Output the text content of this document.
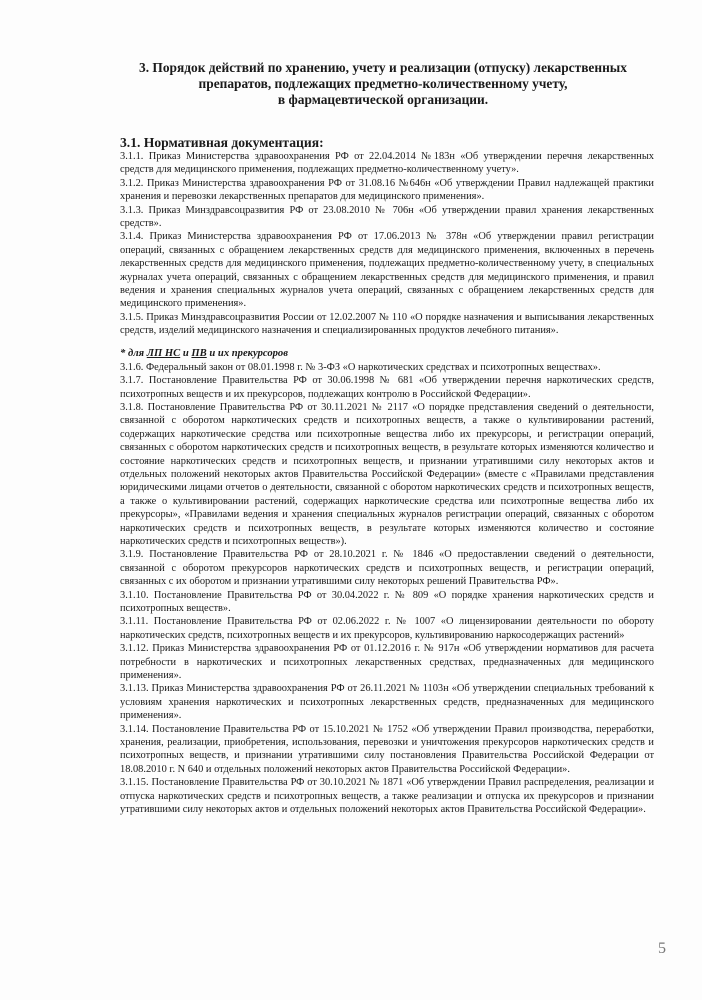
3. Порядок действий по хранению, учету и реализации (отпуску) лекарственных
препаратов, подлежащих предметно-количественному учету,
в фармацевтической организации.

3.1. Нормативная документация:

3.1.1. Приказ Министерства здравоохранения РФ от 22.04.2014 №183н «Об утверждении перечня лекарственных средств для медицинского применения, подлежащих предметно-количественному учету».

3.1.2. Приказ Министерства здравоохранения РФ от 31.08.16 №646н «Об утверждении Правил надлежащей практики хранения и перевозки лекарственных препаратов для медицинского применения».

3.1.3. Приказ Минздравсоцразвития РФ от 23.08.2010 № 706н «Об утверждении правил хранения лекарственных средств».

3.1.4. Приказ Министерства здравоохранения РФ от 17.06.2013 № 378н «Об утверждении правил регистрации операций, связанных с обращением лекарственных средств для медицинского применения, включенных в перечень лекарственных средств для медицинского применения, подлежащих предметно-количественному учету, в специальных журналах учета операций, связанных с обращением лекарственных средств для медицинского применения, и правил ведения и хранения специальных журналов учета операций, связанных с обращением лекарственных средств для медицинского применения».

3.1.5. Приказ Минздравсоцразвития России от 12.02.2007 № 110 «О порядке назначения и выписывания лекарственных средств, изделий медицинского назначения и специализированных продуктов лечебного питания».

* для ЛП НС и ПВ и их прекурсоров

3.1.6. Федеральный закон от 08.01.1998 г. № 3-ФЗ «О наркотических средствах и психотропных веществах».

3.1.7. Постановление Правительства РФ от 30.06.1998 № 681 «Об утверждении перечня наркотических средств, психотропных веществ и их прекурсоров, подлежащих контролю в Российской Федерации».

3.1.8. Постановление Правительства РФ от 30.11.2021 № 2117 «О порядке представления сведений о деятельности, связанной с оборотом наркотических средств и психотропных веществ, а также о культивировании растений, содержащих наркотические средства или психотропные вещества либо их прекурсоры, и регистрации операций, связанных с оборотом наркотических средств и психотропных веществ, в результате которых изменяются количество и состояние наркотических средств и психотропных веществ, и признании утратившими силу некоторых актов и отдельных положений некоторых актов Правительства Российской Федерации» (вместе с «Правилами представления юридическими лицами отчетов о деятельности, связанной с оборотом наркотических средств и психотропных веществ, а также о культивировании растений, содержащих наркотические средства или психотропные вещества либо их прекурсоры», «Правилами ведения и хранения специальных журналов регистрации операций, связанных с оборотом наркотических средств и психотропных веществ, в результате которых изменяются количество и состояние наркотических средств и психотропных веществ»).

3.1.9. Постановление Правительства РФ от 28.10.2021 г. № 1846 «О предоставлении сведений о деятельности, связанной с оборотом прекурсоров наркотических средств и психотропных веществ, и регистрации операций, связанных с их оборотом и признании утратившими силу некоторых решений Правительства РФ».

3.1.10. Постановление Правительства РФ от 30.04.2022 г. № 809 «О порядке хранения наркотических средств и психотропных веществ».

3.1.11. Постановление Правительства РФ от 02.06.2022 г. № 1007 «О лицензировании деятельности по обороту наркотических средств, психотропных веществ и их прекурсоров, культивированию наркосодержащих растений»

3.1.12. Приказ Министерства здравоохранения РФ от 01.12.2016 г. № 917н «Об утверждении нормативов для расчета потребности в наркотических и психотропных лекарственных средствах, предназначенных для медицинского применения».

3.1.13. Приказ Министерства здравоохранения РФ от 26.11.2021 № 1103н «Об утверждении специальных требований к условиям хранения наркотических и психотропных лекарственных средств, предназначенных для медицинского применения».

3.1.14. Постановление Правительства РФ от 15.10.2021 № 1752 «Об утверждении Правил производства, переработки, хранения, реализации, приобретения, использования, перевозки и уничтожения прекурсоров наркотических средств и психотропных веществ, и признании утратившими силу постановления Правительства Российской Федерации от 18.08.2010 г. N 640 и отдельных положений некоторых актов Правительства Российской Федерации».

3.1.15. Постановление Правительства РФ от 30.10.2021 № 1871 «Об утверждении Правил распределения, реализации и отпуска наркотических средств и психотропных веществ, а также реализации и отпуска их прекурсоров и признании утратившими силу некоторых актов и отдельных положений некоторых актов Правительства Российской Федерации».

5
